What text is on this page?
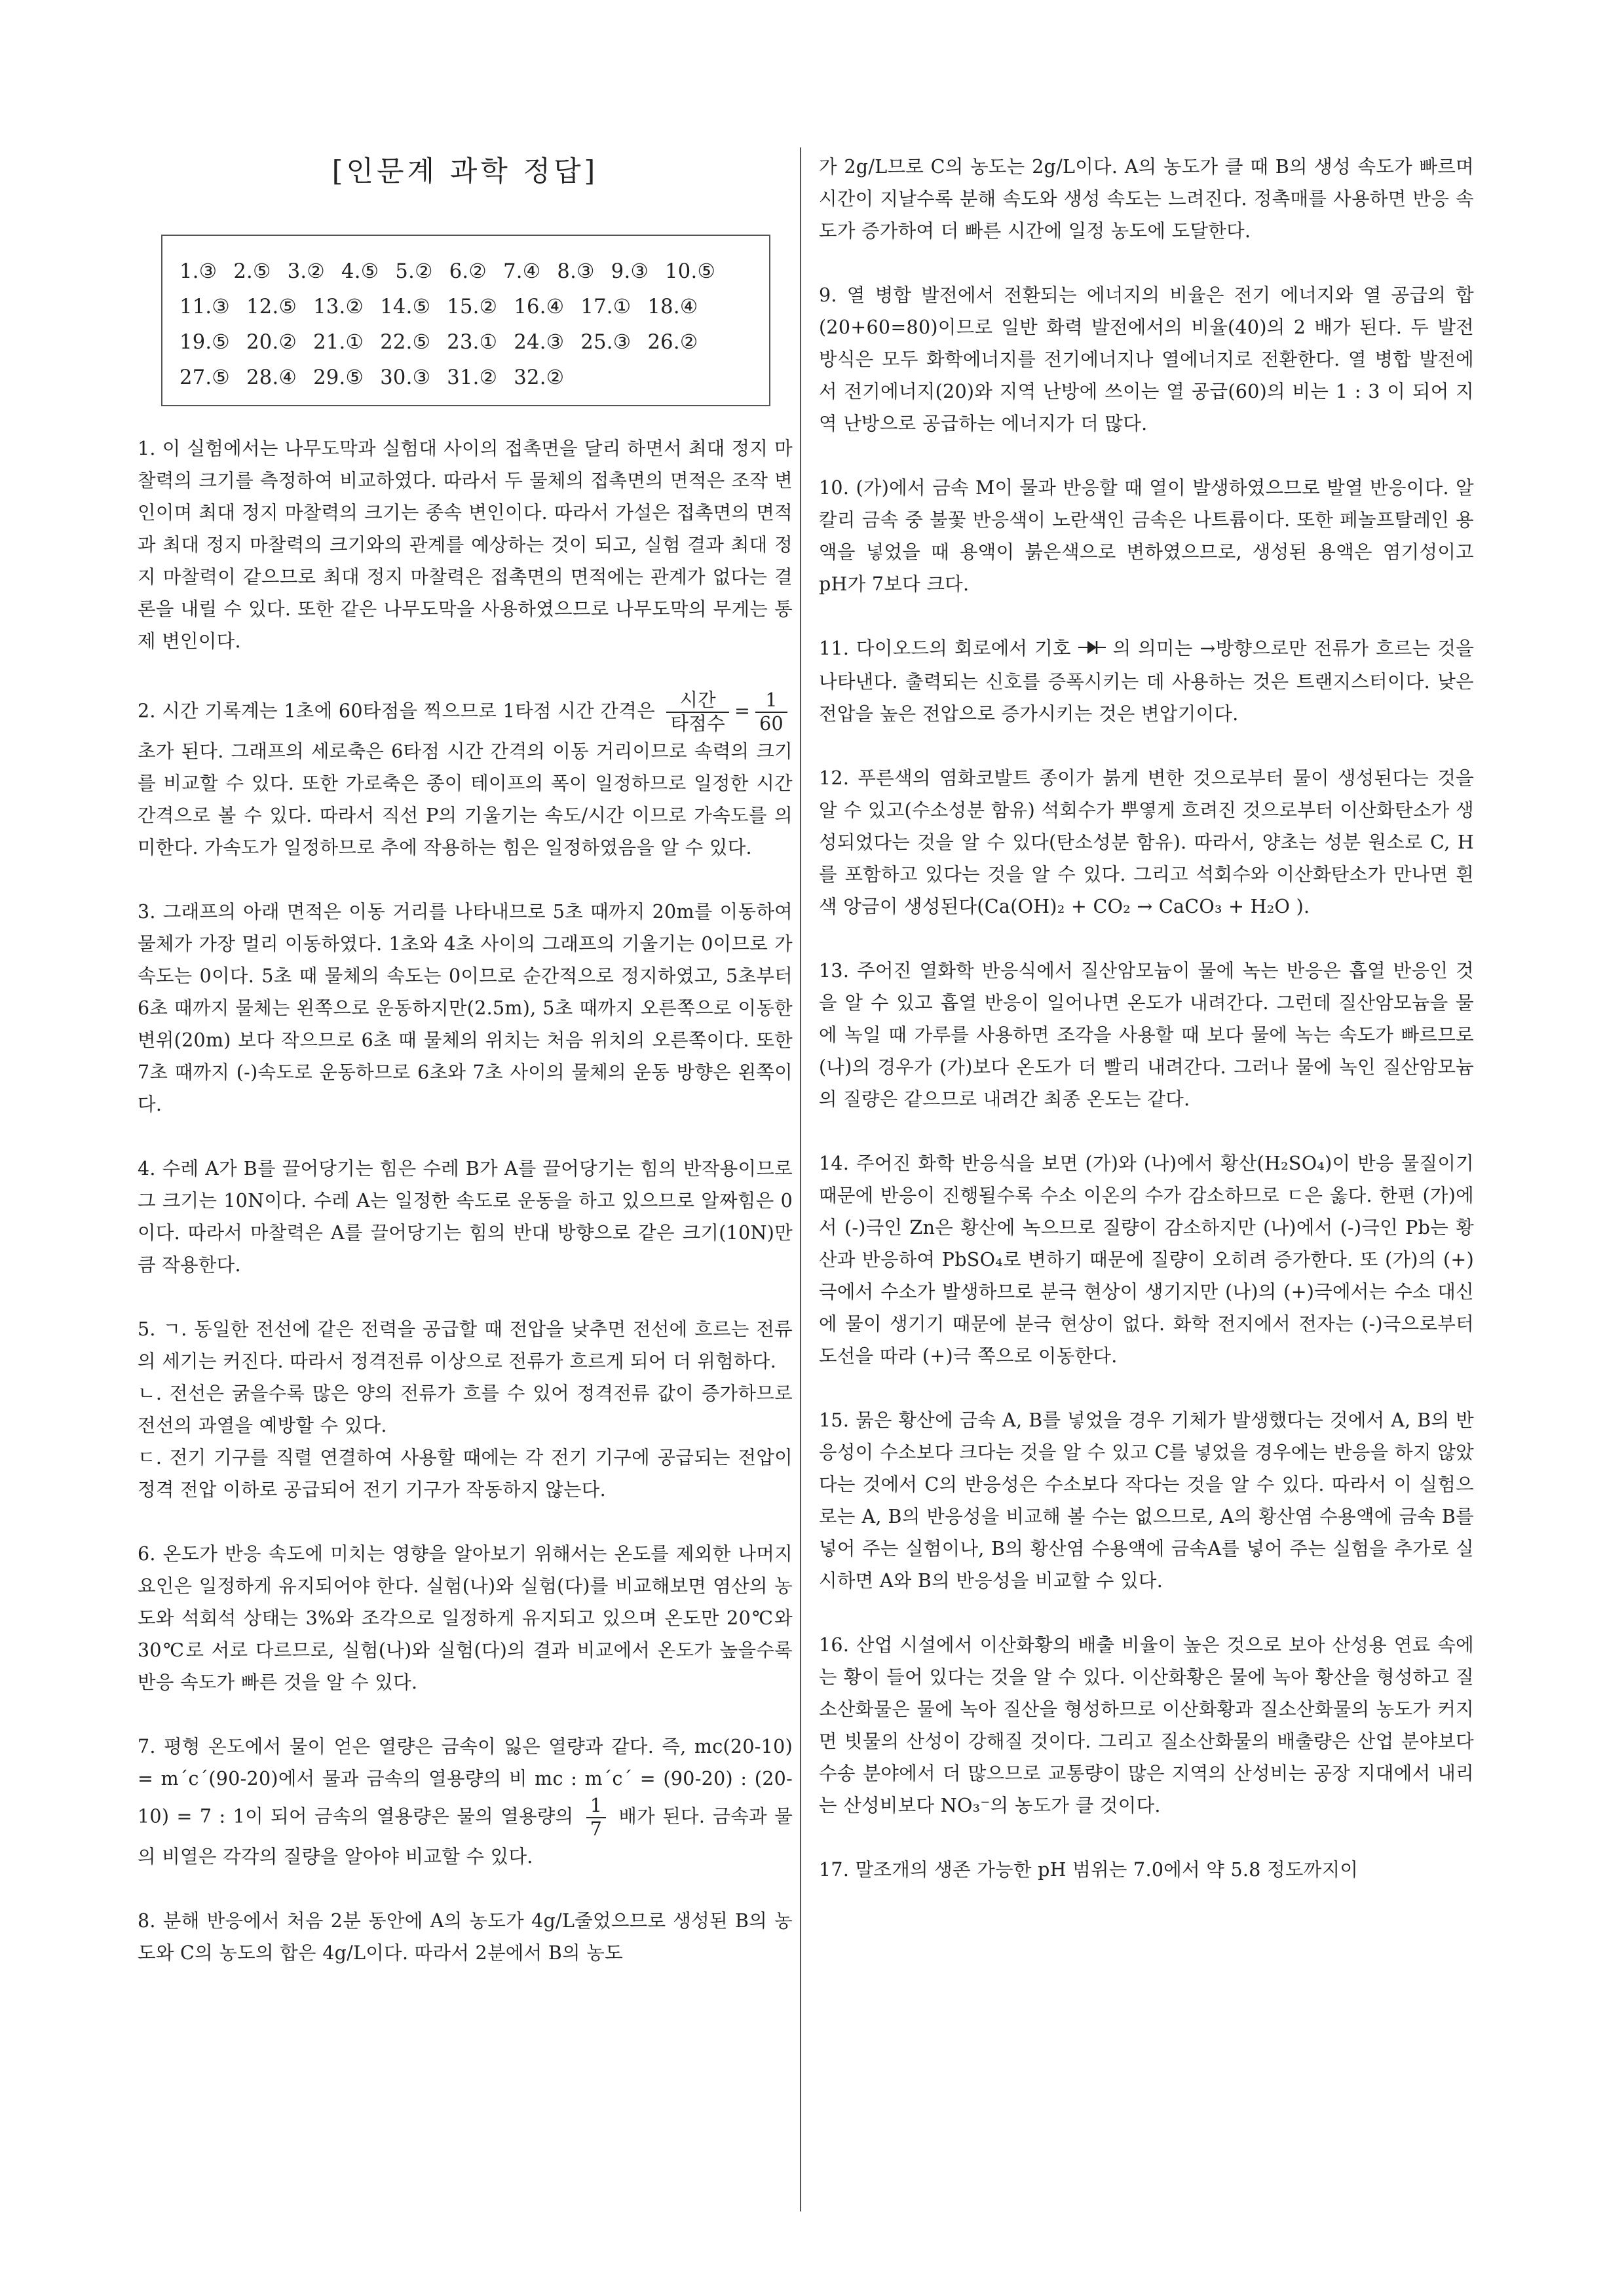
[인문계 과학 정답]
1.③ 2.⑤ 3.② 4.⑤ 5.② 6.② 7.④ 8.③ 9.③ 10.⑤ 11.③ 12.⑤ 13.② 14.⑤ 15.② 16.④ 17.① 18.④ 19.⑤ 20.② 21.① 22.⑤ 23.① 24.③ 25.③ 26.② 27.⑤ 28.④ 29.⑤ 30.③ 31.② 32.②

1. 이 실험에서는 나무도막과 실험대 사이의 접촉면을 달리 하면서 최대 정지 마찰력의 크기를 측정하여 비교하였다. 따라서 두 물체의 접촉면의 면적은 조작 변인이며 최대 정지 마찰력의 크기는 종속 변인이다. 따라서 가설은 접촉면의 면적과 최대 정지 마찰력의 크기와의 관계를 예상하는 것이 되고, 실험 결과 최대 정지 마찰력이 같으므로 최대 정지 마찰력은 접촉면의 면적에는 관계가 없다는 결론을 내릴 수 있다. 또한 같은 나무도막을 사용하였으므로 나무도막의 무게는 통제 변인이다.

2. 시간 기록계는 1초에 60타점을 찍으므로 1타점 시간 간격은 $\frac{\text{시간}}{\text{타점수}} = \frac{1}{60}$
초가 된다. 그래프의 세로축은 6타점 시간 간격의 이동 거리이므로 속력의 크기를 비교할 수 있다. 또한 가로축은 종이 테이프의 폭이 일정하므로 일정한 시간 간격으로 볼 수 있다. 따라서 직선 P의 기울기는 속도/시간 이므로 가속도를 의미한다. 가속도가 일정하므로 추에 작용하는 힘은 일정하였음을 알 수 있다.

3. 그래프의 아래 면적은 이동 거리를 나타내므로 5초 때까지 20m를 이동하여 물체가 가장 멀리 이동하였다. 1초와 4초 사이의 그래프의 기울기는 0이므로 가속도는 0이다. 5초 때 물체의 속도는 0이므로 순간적으로 정지하였고, 5초부터 6초 때까지 물체는 왼쪽으로 운동하지만(2.5m), 5초 때까지 오른쪽으로 이동한 변위(20m) 보다 작으므로 6초 때 물체의 위치는 처음 위치의 오른쪽이다. 또한 7초 때까지 (-)속도로 운동하므로 6초와 7초 사이의 물체의 운동 방향은 왼쪽이다.

4. 수레 A가 B를 끌어당기는 힘은 수레 B가 A를 끌어당기는 힘의 반작용이므로 그 크기는 10N이다. 수레 A는 일정한 속도로 운동을 하고 있으므로 알짜힘은 0이다. 따라서 마찰력은 A를 끌어당기는 힘의 반대 방향으로 같은 크기(10N)만큼 작용한다.

5. ㄱ. 동일한 전선에 같은 전력을 공급할 때 전압을 낮추면 전선에 흐르는 전류의 세기는 커진다. 따라서 정격전류 이상으로 전류가 흐르게 되어 더 위험하다.

ㄴ. 전선은 굵을수록 많은 양의 전류가 흐를 수 있어 정격전류 값이 증가하므로 전선의 과열을 예방할 수 있다.

ㄷ. 전기 기구를 직렬 연결하여 사용할 때에는 각 전기 기구에 공급되는 전압이 정격 전압 이하로 공급되어 전기 기구가 작동하지 않는다.

6. 온도가 반응 속도에 미치는 영향을 알아보기 위해서는 온도를 제외한 나머지 요인은 일정하게 유지되어야 한다. 실험(나)와 실험(다)를 비교해보면 염산의 농도와 석회석 상태는 3%와 조각으로 일정하게 유지되고 있으며 온도만 20℃와 30℃로 서로 다르므로, 실험(나)와 실험(다)의 결과 비교에서 온도가 높을수록 반응 속도가 빠른 것을 알 수 있다.

7. 평형 온도에서 물이 얻은 열량은 금속이 잃은 열량과 같다. 즉, mc(20-10) = m´c´(90-20)에서 물과 금속의 열용량의 비 mc : m´c´ = (90-20) : (20-10) = 7 : 1이 되어 금속의 열용량은 물의 열용량의 $\frac{1}{7}$ 배가 된다. 금속과 물의 비열은 각각의 질량을 알아야 비교할 수 있다.

8. 분해 반응에서 처음 2분 동안에 A의 농도가 4g/L줄었으므로 생성된 B의 농도와 C의 농도의 합은 4g/L이다. 따라서 2분에서 B의 농도

가 2g/L므로 C의 농도는 2g/L이다. A의 농도가 클 때 B의 생성 속도가 빠르며 시간이 지날수록 분해 속도와 생성 속도는 느려진다. 정촉매를 사용하면 반응 속도가 증가하여 더 빠른 시간에 일정 농도에 도달한다.

9. 열 병합 발전에서 전환되는 에너지의 비율은 전기 에너지와 열 공급의 합(20+60=80)이므로 일반 화력 발전에서의 비율(40)의 2 배가 된다. 두 발전 방식은 모두 화학에너지를 전기에너지나 열에너지로 전환한다. 열 병합 발전에서 전기에너지(20)와 지역 난방에 쓰이는 열 공급(60)의 비는 1 : 3 이 되어 지역 난방으로 공급하는 에너지가 더 많다.

10. (가)에서 금속 M이 물과 반응할 때 열이 발생하였으므로 발열 반응이다. 알칼리 금속 중 불꽃 반응색이 노란색인 금속은 나트륨이다. 또한 페놀프탈레인 용액을 넣었을 때 용액이 붉은색으로 변하였으므로, 생성된 용액은 염기성이고 pH가 7보다 크다.

11. 다이오드의 회로에서 기호 의 의미는 →방향으로만 전류가 흐르는 것을 나타낸다. 출력되는 신호를 증폭시키는 데 사용하는 것은 트랜지스터이다. 낮은 전압을 높은 전압으로 증가시키는 것은 변압기이다.

12. 푸른색의 염화코발트 종이가 붉게 변한 것으로부터 물이 생성된다는 것을 알 수 있고(수소성분 함유) 석회수가 뿌옇게 흐려진 것으로부터 이산화탄소가 생성되었다는 것을 알 수 있다(탄소성분 함유). 따라서, 양초는 성분 원소로 C, H를 포함하고 있다는 것을 알 수 있다. 그리고 석회수와 이산화탄소가 만나면 흰색 앙금이 생성된다(Ca(OH)₂ + CO₂ → CaCO₃ + H₂O ).

13. 주어진 열화학 반응식에서 질산암모늄이 물에 녹는 반응은 흡열 반응인 것을 알 수 있고 흡열 반응이 일어나면 온도가 내려간다. 그런데 질산암모늄을 물에 녹일 때 가루를 사용하면 조각을 사용할 때 보다 물에 녹는 속도가 빠르므로 (나)의 경우가 (가)보다 온도가 더 빨리 내려간다. 그러나 물에 녹인 질산암모늄의 질량은 같으므로 내려간 최종 온도는 같다.

14. 주어진 화학 반응식을 보면 (가)와 (나)에서 황산(H₂SO₄)이 반응 물질이기 때문에 반응이 진행될수록 수소 이온의 수가 감소하므로 ㄷ은 옳다. 한편 (가)에서 (-)극인 Zn은 황산에 녹으므로 질량이 감소하지만 (나)에서 (-)극인 Pb는 황산과 반응하여 PbSO₄로 변하기 때문에 질량이 오히려 증가한다. 또 (가)의 (+)극에서 수소가 발생하므로 분극 현상이 생기지만 (나)의 (+)극에서는 수소 대신에 물이 생기기 때문에 분극 현상이 없다. 화학 전지에서 전자는 (-)극으로부터 도선을 따라 (+)극 쪽으로 이동한다.

15. 묽은 황산에 금속 A, B를 넣었을 경우 기체가 발생했다는 것에서 A, B의 반응성이 수소보다 크다는 것을 알 수 있고 C를 넣었을 경우에는 반응을 하지 않았다는 것에서 C의 반응성은 수소보다 작다는 것을 알 수 있다. 따라서 이 실험으로는 A, B의 반응성을 비교해 볼 수는 없으므로, A의 황산염 수용액에 금속 B를 넣어 주는 실험이나, B의 황산염 수용액에 금속A를 넣어 주는 실험을 추가로 실시하면 A와 B의 반응성을 비교할 수 있다.

16. 산업 시설에서 이산화황의 배출 비율이 높은 것으로 보아 산성용 연료 속에는 황이 들어 있다는 것을 알 수 있다. 이산화황은 물에 녹아 황산을 형성하고 질소산화물은 물에 녹아 질산을 형성하므로 이산화황과 질소산화물의 농도가 커지면 빗물의 산성이 강해질 것이다. 그리고 질소산화물의 배출량은 산업 분야보다 수송 분야에서 더 많으므로 교통량이 많은 지역의 산성비는 공장 지대에서 내리는 산성비보다 NO₃⁻의 농도가 클 것이다.

17. 말조개의 생존 가능한 pH 범위는 7.0에서 약 5.8 정도까지이
